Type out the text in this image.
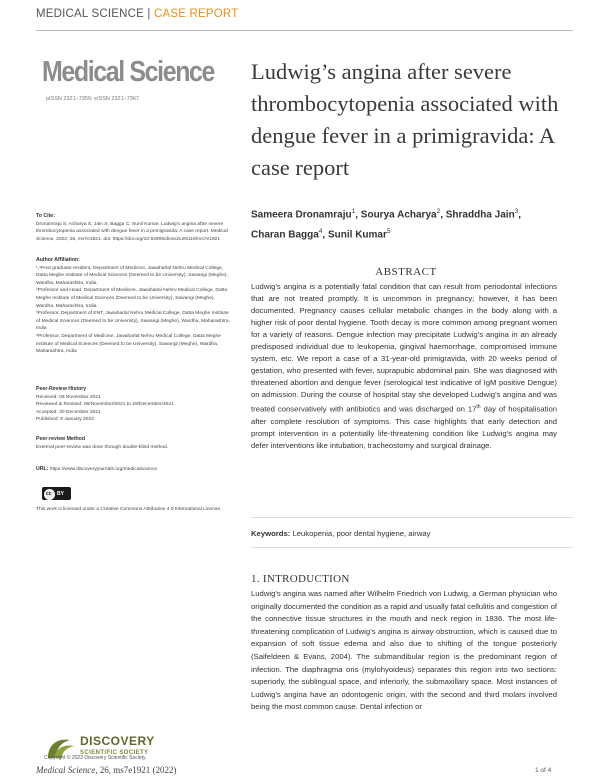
MEDICAL SCIENCE | CASE REPORT
Medical Science
pISSN 2321–7359; eISSN 2321–7367
Ludwig’s angina after severe thrombocytopenia associated with dengue fever in a primigravida: A case report
Sameera Dronamraju$^1$, Sourya Acharya$^2$, Shraddha Jain$^3$,
Charan Bagga$^4$, Sunil Kumar$^5$

To Cite:

Dronamraju S, Acharya S, Jain S, Bagga C, Sunil Kumar. Ludwig’s angina after severe thrombocytopenia associated with dengue fever in a primigravida: A case report. Medical Science, 2022, 26, ms7e1921. doi: https://doi.org/10.54905/disssi/v26i119/ms7e1921

Author Affiliation:

¹,⁴Post graduate resident, Department of Medicine, Jawaharlal Nehru Medical College, Datta Meghe Institute of Medical Sciences (Deemed to be University), Sawangi (Meghe), Wardha, Maharashtra, India

²Professor and Head, Department of Medicine, Jawaharlal Nehru Medical College, Datta Meghe Institute of Medical Sciences (Deemed to be University), Sawangi (Meghe), Wardha, Maharashtra, India

³Professor, Department of ENT, Jawaharlal Nehru Medical College, Datta Meghe Institute of Medical Sciences (Deemed to be University), Sawangi (Meghe), Wardha, Maharashtra, India

⁵Professor, Department of Medicine, Jawaharlal Nehru Medical College, Datta Meghe Institute of Medical Sciences (Deemed to be University), Sawangi (Meghe), Wardha, Maharashtra, India

Peer-Review History

Received: 06 November 2021

Reviewed & Revised: 09/November/2021 to 29/December/2021

Accepted: 30 December 2021

Published: 9 January 2022

Peer-review Method

External peer-review was done through double-blind method.

URL: https://www.discoveryjournals.org/medicalscience

cc BY

This work is licensed under a Creative Commons Attribution 4.0 International License.

DISCOVERY
SCIENTIFIC SOCIETY
ABSTRACT
Ludwig’s angina is a potentially fatal condition that can result from periodontal infections that are not treated promptly. It is uncommon in pregnancy; however, it has been documented. Pregnancy causes cellular metabolic changes in the body along with a higher risk of poor dental hygiene. Tooth decay is more common among pregnant women for a variety of reasons. Dengue infection may precipitate Ludwig’s angina in an already predisposed individual due to leukopenia, gingival haemorrhage, compromised immune system, etc. We report a case of a 31-year-old primigravida, with 20 weeks period of gestation, who presented with fever, suprapubic abdominal pain. She was diagnosed with threatened abortion and dengue fever (serological test indicative of IgM positive Dengue) on admission. During the course of hospital stay she developed Ludwig’s angina and was treated conservatively with antibiotics and was discharged on 17th day of hospitalisation after complete resolution of symptoms. This case highlights that early detection and prompt intervention in a potentially life-threatening condition like Ludwig’s angina may defer interventions like intubation, tracheostomy and surgical drainage.
Keywords: Leukopenia, poor dental hygiene, airway
1. INTRODUCTION
Ludwig’s angina was named after Wilhelm Friedrich von Ludwig, a German physician who originally documented the condition as a rapid and usually fatal cellulitis and congestion of the connective tissue structures in the mouth and neck region in 1836. The most life-threatening complication of Ludwig’s angina is airway obstruction, which is caused due to expansion of soft tissue edema and also due to shifting of the tongue posteriorly (Saifeldeen & Evans, 2004). The submandibular region is the predominant region of infection. The diaphragma oris (mylohyoideus) separates this region into two sections: superiorly, the sublingual space, and inferiorly, the submaxillary space. Most instances of Ludwig’s angina have an odontogenic origin, with the second and third molars involved being the most common cause. Dental infection or
Copyright © 2022 Discovery Scientific Society.
Medical Science, 26, ms7e1921 (2022)	1 of 4
